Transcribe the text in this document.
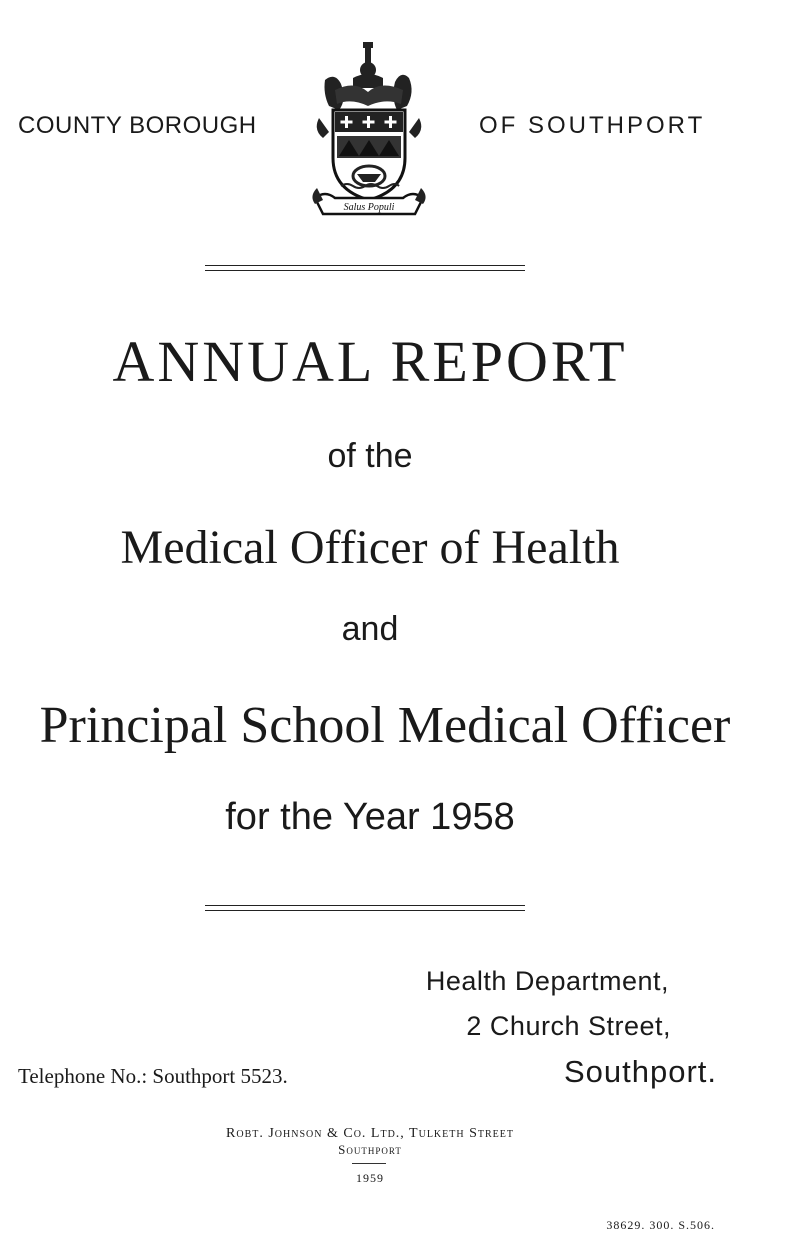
COUNTY BOROUGH
Salus Populi
OF SOUTHPORT
ANNUAL REPORT
of the
Medical Officer of Health
and
Principal School Medical Officer
for the Year 1958
Health Department,
2 Church Street,
Southport.
Telephone No.: Southport 5523.
Robt. Johnson & Co. Ltd., Tulketh Street
Southport
1959
38629. 300. S.506.
